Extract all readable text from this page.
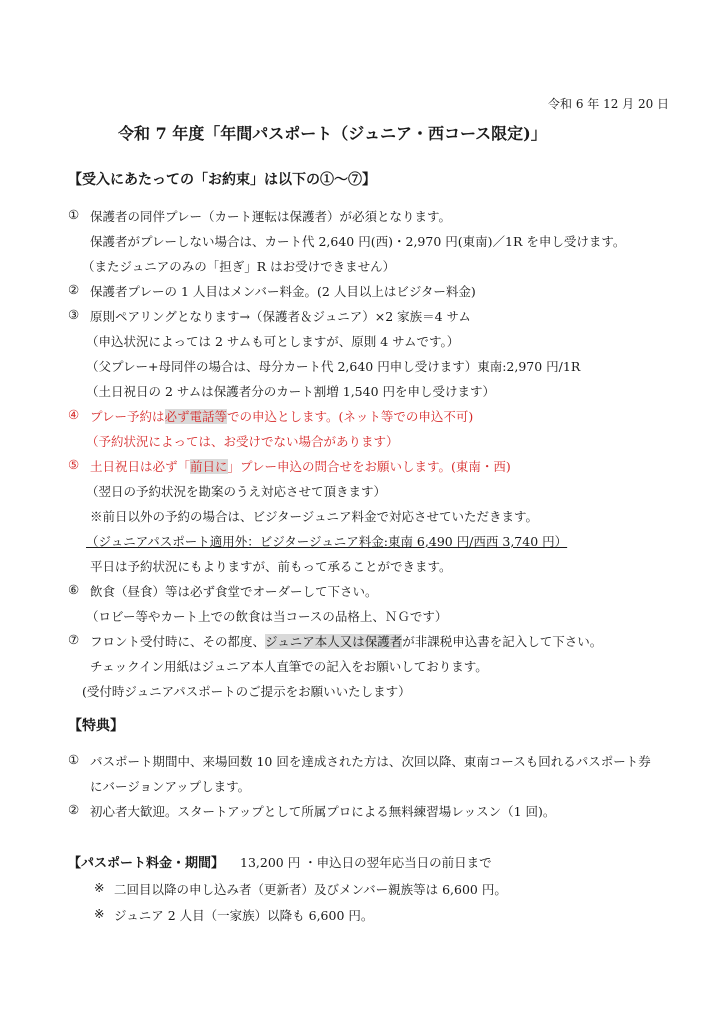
令和 6 年 12 月 20 日
令和 7 年度「年間パスポート（ジュニア・西コース限定)」
【受入にあたっての「お約束」は以下の①～⑦】
① 保護者の同伴プレー（カート運転は保護者）が必須となります。
保護者がプレーしない場合は、カート代 2,640 円(西)・2,970 円(東南)／1R を申し受けます。
（またジュニアのみの「担ぎ」R はお受けできません）
② 保護者プレーの 1 人目はメンバー料金。(2 人目以上はビジター料金)
③ 原則ペアリングとなります→（保護者＆ジュニア）×2 家族＝4 サム
（申込状況によっては 2 サムも可としますが、原則 4 サムです。）
（父プレー+母同伴の場合は、母分カート代 2,640 円申し受けます）東南:2,970 円/1R
（土日祝日の 2 サムは保護者分のカート割増 1,540 円を申し受けます）
④ プレー予約は必ず電話等での申込とします。(ネット等での申込不可)
（予約状況によっては、お受けでない場合があります）
⑤ 土日祝日は必ず「前日に」プレー申込の問合せをお願いします。(東南・西)
（翌日の予約状況を勘案のうえ対応させて頂きます）
※前日以外の予約の場合は、ビジタージュニア料金で対応させていただきます。
（ジュニアパスポート適用外：ビジタージュニア料金:東南 6,490 円/西西 3,740 円）
平日は予約状況にもよりますが、前もって承ることができます。
⑥ 飲食（昼食）等は必ず食堂でオーダーして下さい。
（ロビー等やカート上での飲食は当コースの品格上、ＮＧです）
⑦ フロント受付時に、その都度、ジュニア本人又は保護者が非課税申込書を記入して下さい。
チェックイン用紙はジュニア本人直筆での記入をお願いしております。
(受付時ジュニアパスポートのご提示をお願いいたします）
【特典】
① パスポート期間中、来場回数 10 回を達成された方は、次回以降、東南コースも回れるパスポート券
にバージョンアップします。
② 初心者大歓迎。スタートアップとして所属プロによる無料練習場レッスン（1 回)。
【パスポート料金・期間】 13,200 円 ・申込日の翌年応当日の前日まで
※ 二回目以降の申し込み者（更新者）及びメンバー親族等は 6,600 円。
※ ジュニア 2 人目（一家族）以降も 6,600 円。
